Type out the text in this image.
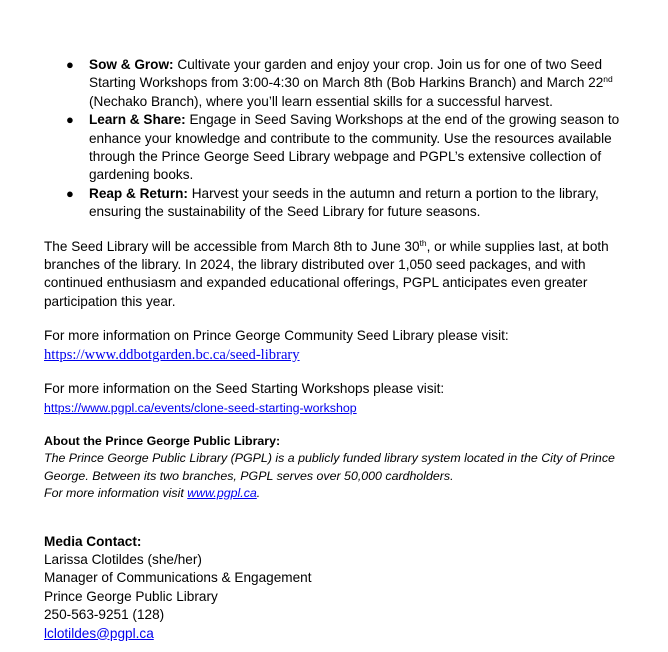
● Sow & Grow: Cultivate your garden and enjoy your crop. Join us for one of two Seed Starting Workshops from 3:00-4:30 on March 8th (Bob Harkins Branch) and March 22nd (Nechako Branch), where you’ll learn essential skills for a successful harvest.
● Learn & Share: Engage in Seed Saving Workshops at the end of the growing season to enhance your knowledge and contribute to the community. Use the resources available through the Prince George Seed Library webpage and PGPL’s extensive collection of gardening books.
● Reap & Return: Harvest your seeds in the autumn and return a portion to the library, ensuring the sustainability of the Seed Library for future seasons.

The Seed Library will be accessible from March 8th to June 30th, or while supplies last, at both branches of the library. In 2024, the library distributed over 1,050 seed packages, and with continued enthusiasm and expanded educational offerings, PGPL anticipates even greater participation this year.

For more information on Prince George Community Seed Library please visit:
https://www.ddbotgarden.bc.ca/seed-library

For more information on the Seed Starting Workshops please visit:
https://www.pgpl.ca/events/clone-seed-starting-workshop

About the Prince George Public Library:
The Prince George Public Library (PGPL) is a publicly funded library system located in the City of Prince George. Between its two branches, PGPL serves over 50,000 cardholders.
For more information visit www.pgpl.ca.
Media Contact:
Larissa Clotildes (she/her)
Manager of Communications & Engagement
Prince George Public Library
250-563-9251 (128)
lclotildes@pgpl.ca
